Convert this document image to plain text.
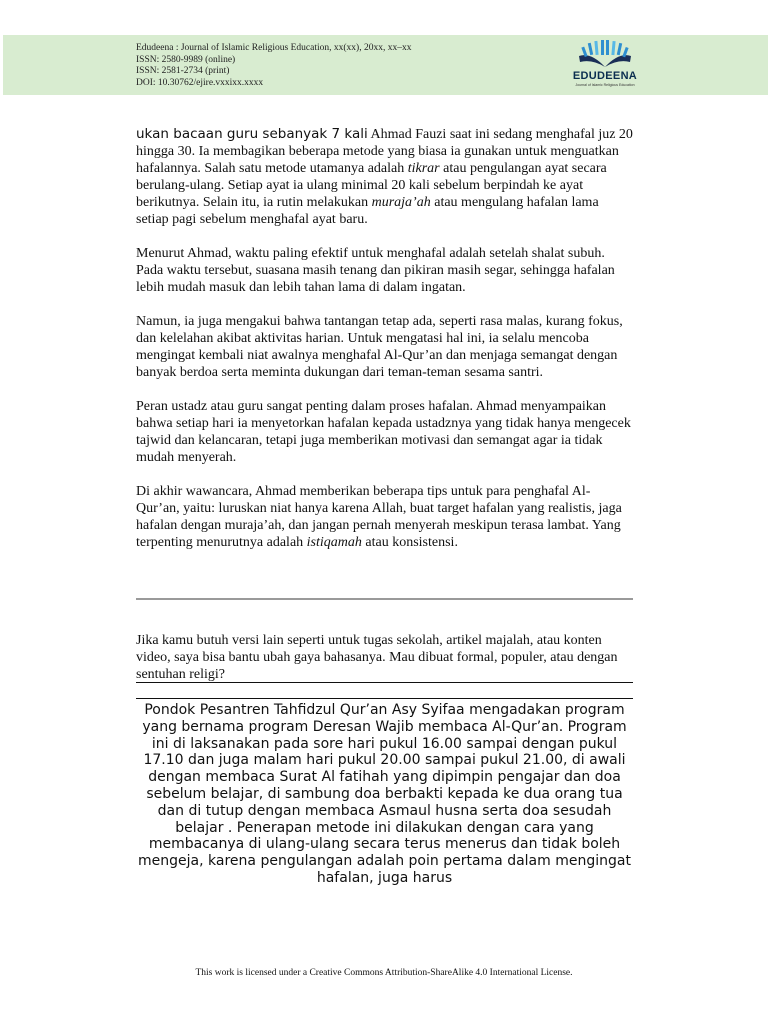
Edudeena : Journal of Islamic Religious Education, xx(xx), 20xx, xx–xx
ISSN: 2580-9989 (online)
ISSN: 2581-2734 (print)
DOI: 10.30762/ejire.vxxixx.xxxx
EDUDEENA
Journal of Islamic Religious Education

ukan bacaan guru sebanyak 7 kali Ahmad Fauzi saat ini sedang menghafal juz 20 hingga 30. Ia membagikan beberapa metode yang biasa ia gunakan untuk menguatkan hafalannya. Salah satu metode utamanya adalah tikrar atau pengulangan ayat secara berulang-ulang. Setiap ayat ia ulang minimal 20 kali sebelum berpindah ke ayat berikutnya. Selain itu, ia rutin melakukan muraja’ah atau mengulang hafalan lama setiap pagi sebelum menghafal ayat baru.

Menurut Ahmad, waktu paling efektif untuk menghafal adalah setelah shalat subuh. Pada waktu tersebut, suasana masih tenang dan pikiran masih segar, sehingga hafalan lebih mudah masuk dan lebih tahan lama di dalam ingatan.

Namun, ia juga mengakui bahwa tantangan tetap ada, seperti rasa malas, kurang fokus, dan kelelahan akibat aktivitas harian. Untuk mengatasi hal ini, ia selalu mencoba mengingat kembali niat awalnya menghafal Al-Qur’an dan menjaga semangat dengan banyak berdoa serta meminta dukungan dari teman-teman sesama santri.

Peran ustadz atau guru sangat penting dalam proses hafalan. Ahmad menyampaikan bahwa setiap hari ia menyetorkan hafalan kepada ustadznya yang tidak hanya mengecek tajwid dan kelancaran, tetapi juga memberikan motivasi dan semangat agar ia tidak mudah menyerah.

Di akhir wawancara, Ahmad memberikan beberapa tips untuk para penghafal Al-Qur’an, yaitu: luruskan niat hanya karena Allah, buat target hafalan yang realistis, jaga hafalan dengan muraja’ah, dan jangan pernah menyerah meskipun terasa lambat. Yang terpenting menurutnya adalah istiqamah atau konsistensi.

Jika kamu butuh versi lain seperti untuk tugas sekolah, artikel majalah, atau konten video, saya bisa bantu ubah gaya bahasanya. Mau dibuat formal, populer, atau dengan sentuhan religi?
Pondok Pesantren Tahfidzul Qur’an Asy Syifaa mengadakan program yang bernama program Deresan Wajib membaca Al-Qur’an. Program ini di laksanakan pada sore hari pukul 16.00 sampai dengan pukul 17.10 dan juga malam hari pukul 20.00 sampai pukul 21.00, di awali dengan membaca Surat Al fatihah yang dipimpin pengajar dan doa sebelum belajar, di sambung doa berbakti kepada ke dua orang tua dan di tutup dengan membaca Asmaul husna serta doa sesudah belajar . Penerapan metode ini dilakukan dengan cara yang membacanya di ulang-ulang secara terus menerus dan tidak boleh mengeja, karena pengulangan adalah poin pertama dalam mengingat hafalan, juga harus
This work is licensed under a Creative Commons Attribution-ShareAlike 4.0 International License.
